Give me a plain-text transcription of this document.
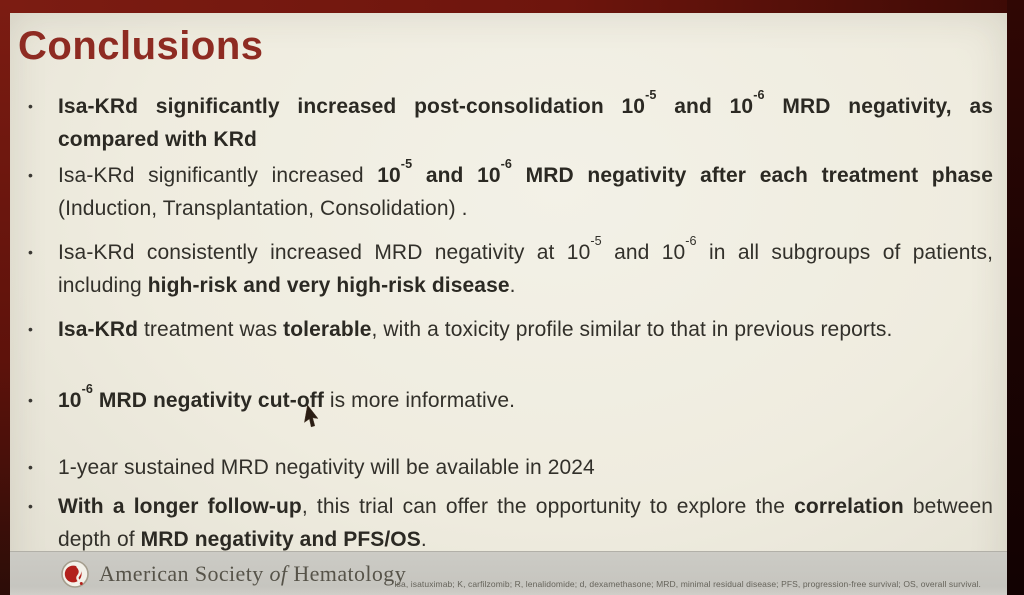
Conclusions
•	Isa-KRd significantly increased post-consolidation $10^{-5}$ and $10^{-6}$ MRD negativity, as compared with KRd

•	Isa-KRd significantly increased $10^{-5}$ and $10^{-6}$ MRD negativity after each treatment phase (Induction, Transplantation, Consolidation) .

•	Isa-KRd consistently increased MRD negativity at $10^{-5}$ and $10^{-6}$ in all subgroups of patients, including high-risk and very high-risk disease.

•	Isa-KRd treatment was tolerable, with a toxicity profile similar to that in previous reports.

•	$10^{-6}$ MRD negativity cut-off is more informative.

•	1-year sustained MRD negativity will be available in 2024

•	With a longer follow-up, this trial can offer the opportunity to explore the correlation between depth of MRD negativity and PFS/OS.

American Society of Hematology
Isa, isatuximab; K, carfilzomib; R, lenalidomide; d, dexamethasone; MRD, minimal residual disease; PFS, progression-free survival; OS, overall survival.
